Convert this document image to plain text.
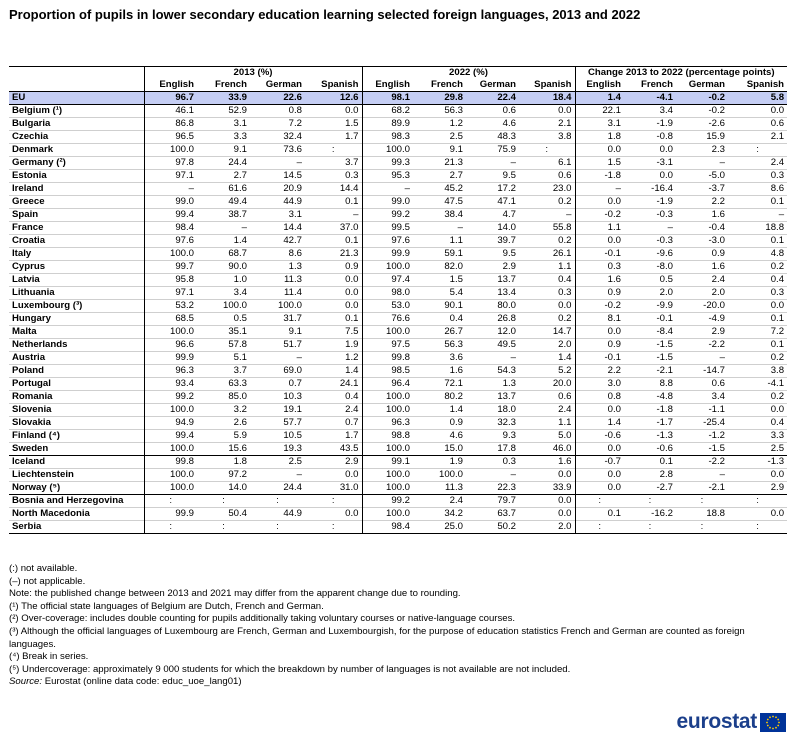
Proportion of pupils in lower secondary education learning selected foreign languages, 2013 and 2022
	2013 (%)				2022 (%)				Change 2013 to 2022 (percentage points)			
	English	French	German	Spanish	English	French	German	Spanish	English	French	German	Spanish
EU	96.7	33.9	22.6	12.6	98.1	29.8	22.4	18.4	1.4	-4.1	-0.2	5.8
Belgium (¹)	46.1	52.9	0.8	0.0	68.2	56.3	0.6	0.0	22.1	3.4	-0.2	0.0
Bulgaria	86.8	3.1	7.2	1.5	89.9	1.2	4.6	2.1	3.1	-1.9	-2.6	0.6
Czechia	96.5	3.3	32.4	1.7	98.3	2.5	48.3	3.8	1.8	-0.8	15.9	2.1
Denmark	100.0	9.1	73.6	:	100.0	9.1	75.9	:	0.0	0.0	2.3	:
Germany (²)	97.8	24.4	–	3.7	99.3	21.3	–	6.1	1.5	-3.1	–	2.4
Estonia	97.1	2.7	14.5	0.3	95.3	2.7	9.5	0.6	-1.8	0.0	-5.0	0.3
Ireland	–	61.6	20.9	14.4	–	45.2	17.2	23.0	–	-16.4	-3.7	8.6
Greece	99.0	49.4	44.9	0.1	99.0	47.5	47.1	0.2	0.0	-1.9	2.2	0.1
Spain	99.4	38.7	3.1	–	99.2	38.4	4.7	–	-0.2	-0.3	1.6	–
France	98.4	–	14.4	37.0	99.5	–	14.0	55.8	1.1	–	-0.4	18.8
Croatia	97.6	1.4	42.7	0.1	97.6	1.1	39.7	0.2	0.0	-0.3	-3.0	0.1
Italy	100.0	68.7	8.6	21.3	99.9	59.1	9.5	26.1	-0.1	-9.6	0.9	4.8
Cyprus	99.7	90.0	1.3	0.9	100.0	82.0	2.9	1.1	0.3	-8.0	1.6	0.2
Latvia	95.8	1.0	11.3	0.0	97.4	1.5	13.7	0.4	1.6	0.5	2.4	0.4
Lithuania	97.1	3.4	11.4	0.0	98.0	5.4	13.4	0.3	0.9	2.0	2.0	0.3
Luxembourg (³)	53.2	100.0	100.0	0.0	53.0	90.1	80.0	0.0	-0.2	-9.9	-20.0	0.0
Hungary	68.5	0.5	31.7	0.1	76.6	0.4	26.8	0.2	8.1	-0.1	-4.9	0.1
Malta	100.0	35.1	9.1	7.5	100.0	26.7	12.0	14.7	0.0	-8.4	2.9	7.2
Netherlands	96.6	57.8	51.7	1.9	97.5	56.3	49.5	2.0	0.9	-1.5	-2.2	0.1
Austria	99.9	5.1	–	1.2	99.8	3.6	–	1.4	-0.1	-1.5	–	0.2
Poland	96.3	3.7	69.0	1.4	98.5	1.6	54.3	5.2	2.2	-2.1	-14.7	3.8
Portugal	93.4	63.3	0.7	24.1	96.4	72.1	1.3	20.0	3.0	8.8	0.6	-4.1
Romania	99.2	85.0	10.3	0.4	100.0	80.2	13.7	0.6	0.8	-4.8	3.4	0.2
Slovenia	100.0	3.2	19.1	2.4	100.0	1.4	18.0	2.4	0.0	-1.8	-1.1	0.0
Slovakia	94.9	2.6	57.7	0.7	96.3	0.9	32.3	1.1	1.4	-1.7	-25.4	0.4
Finland (⁴)	99.4	5.9	10.5	1.7	98.8	4.6	9.3	5.0	-0.6	-1.3	-1.2	3.3
Sweden	100.0	15.6	19.3	43.5	100.0	15.0	17.8	46.0	0.0	-0.6	-1.5	2.5
Iceland	99.8	1.8	2.5	2.9	99.1	1.9	0.3	1.6	-0.7	0.1	-2.2	-1.3
Liechtenstein	100.0	97.2	–	0.0	100.0	100.0	–	0.0	0.0	2.8	–	0.0
Norway (⁵)	100.0	14.0	24.4	31.0	100.0	11.3	22.3	33.9	0.0	-2.7	-2.1	2.9
Bosnia and Herzegovina	:	:	:	:	99.2	2.4	79.7	0.0	:	:	:	:
North Macedonia	99.9	50.4	44.9	0.0	100.0	34.2	63.7	0.0	0.1	-16.2	18.8	0.0
Serbia	:	:	:	:	98.4	25.0	50.2	2.0	:	:	:	:
(:) not available.
(–) not applicable.
Note: the published change between 2013 and 2021 may differ from the apparent change due to rounding.
(¹) The official state languages of Belgium are Dutch, French and German.
(²) Over-coverage: includes double counting for pupils additionally taking voluntary courses or native-language courses.
(³) Although the official languages of Luxembourg are French, German and Luxembourgish, for the purpose of education statistics French and German are counted as foreign languages.
(⁴) Break in series.
(⁵) Undercoverage: approximately 9 000 students for which the breakdown by number of languages is not available are not included.
Source: Eurostat (online data code: educ_uoe_lang01)
eurostat
